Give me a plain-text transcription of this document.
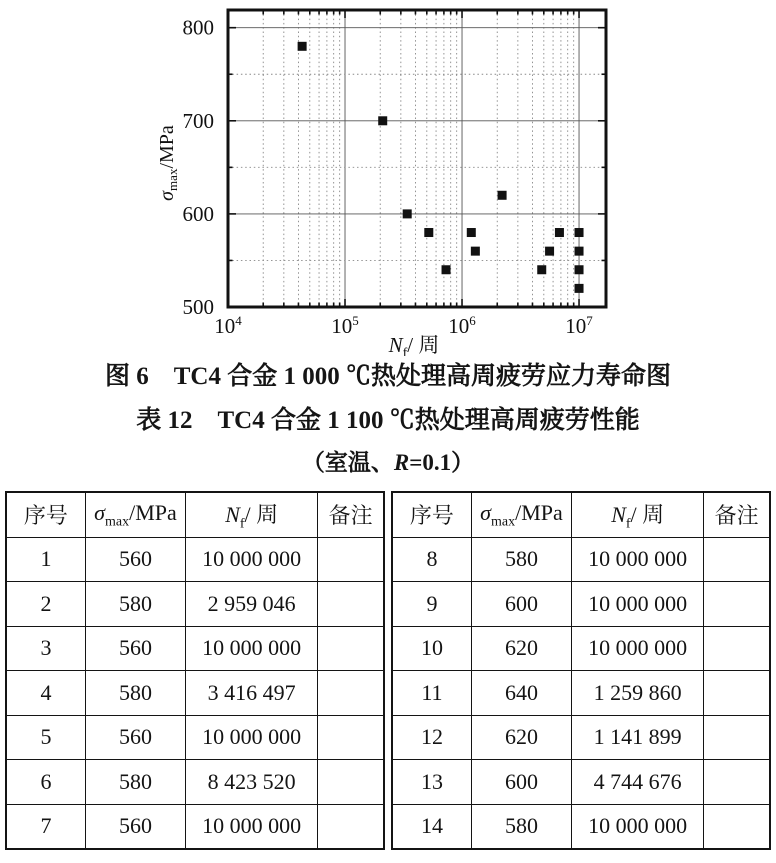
$10^4$	$10^5$	$10^6$	$10^7$
500
600
700
800
$\sigma_{max}$/MPa
$N_f/$ 周
图 6　TC4 合金 1 000 ℃热处理高周疲劳应力寿命图
表 12　TC4 合金 1 100 ℃热处理高周疲劳性能
（室温、R=0.1）
序号	$\sigma_{max}$/MPa	$N_f/$ 周	备注
1	560	10 000 000	
2	580	2 959 046	
3	560	10 000 000	
4	580	3 416 497	
5	560	10 000 000	
6	580	8 423 520	
7	560	10 000 000	
序号	$\sigma_{max}$/MPa	$N_f/$ 周	备注
8	580	10 000 000	
9	600	10 000 000	
10	620	10 000 000	
11	640	1 259 860	
12	620	1 141 899	
13	600	4 744 676	
14	580	10 000 000	
